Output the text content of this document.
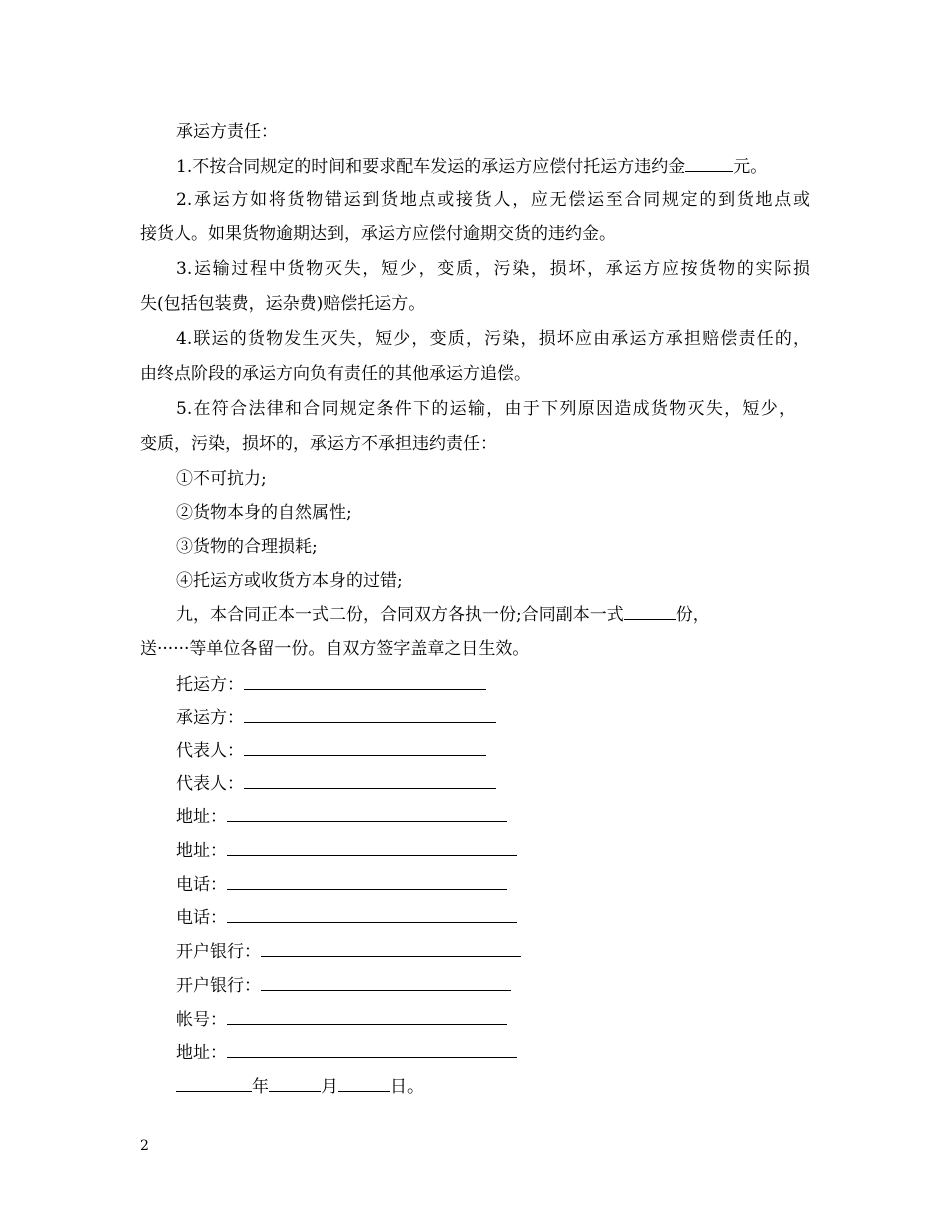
承运方责任：
1.不按合同规定的时间和要求配车发运的承运方应偿付托运方违约金	元。
2.承运方如将货物错运到货地点或接货人，应无偿运至合同规定的到货地点或
接货人。如果货物逾期达到，承运方应偿付逾期交货的违约金。
3.运输过程中货物灭失，短少，变质，污染，损坏，承运方应按货物的实际损
失(包括包装费，运杂费)赔偿托运方。
4.联运的货物发生灭失，短少，变质，污染，损坏应由承运方承担赔偿责任的，
由终点阶段的承运方向负有责任的其他承运方追偿。
5.在符合法律和合同规定条件下的运输，由于下列原因造成货物灭失，短少，
变质，污染，损坏的，承运方不承担违约责任：
①不可抗力;
②货物本身的自然属性;
③货物的合理损耗;
④托运方或收货方本身的过错;
九，本合同正本一式二份，合同双方各执一份;合同副本一式	份，
送······等单位各留一份。自双方签字盖章之日生效。
托运方：
承运方：
代表人：
代表人：
地址：
地址：
电话：
电话：
开户银行：
开户银行：
帐号：
地址：
年	月	日。
2
